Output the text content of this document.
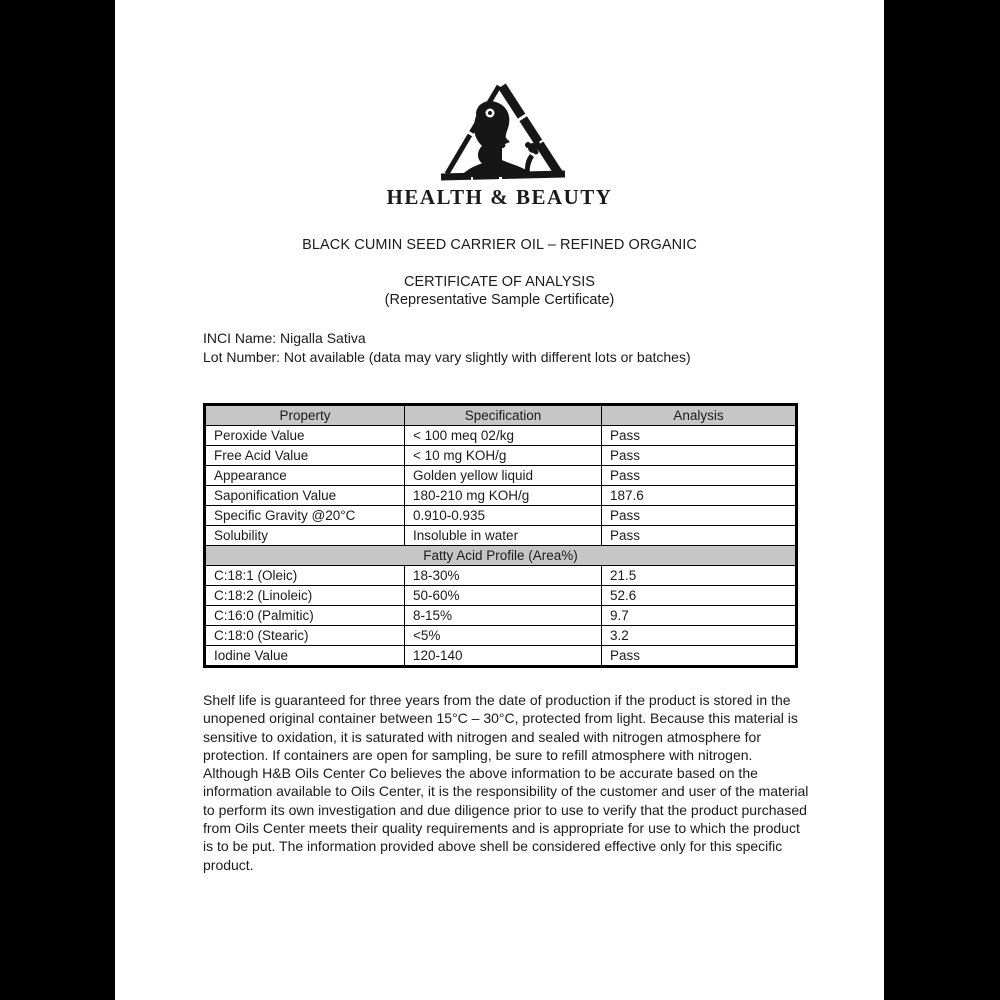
HEALTH & BEAUTY
BLACK CUMIN SEED CARRIER OIL – REFINED ORGANIC
CERTIFICATE OF ANALYSIS
(Representative Sample Certificate)
INCI Name: Nigalla Sativa
Lot Number: Not available (data may vary slightly with different lots or batches)
Property	Specification	Analysis
Peroxide Value	< 100 meq 02/kg	Pass
Free Acid Value	< 10 mg KOH/g	Pass
Appearance	Golden yellow liquid	Pass
Saponification Value	180-210 mg KOH/g	187.6
Specific Gravity @20°C	0.910-0.935	Pass
Solubility	Insoluble in water	Pass
Fatty Acid Profile (Area%)		
C:18:1 (Oleic)	18-30%	21.5
C:18:2 (Linoleic)	50-60%	52.6
C:16:0 (Palmitic)	8-15%	9.7
C:18:0 (Stearic)	<5%	3.2
Iodine Value	120-140	Pass
Shelf life is guaranteed for three years from the date of production if the product is stored in the unopened original container between 15°C – 30°C, protected from light. Because this material is sensitive to oxidation, it is saturated with nitrogen and sealed with nitrogen atmosphere for protection. If containers are open for sampling, be sure to refill atmosphere with nitrogen. Although H&B Oils Center Co believes the above information to be accurate based on the information available to Oils Center, it is the responsibility of the customer and user of the material to perform its own investigation and due diligence prior to use to verify that the product purchased from Oils Center meets their quality requirements and is appropriate for use to which the product is to be put. The information provided above shell be considered effective only for this specific product.
